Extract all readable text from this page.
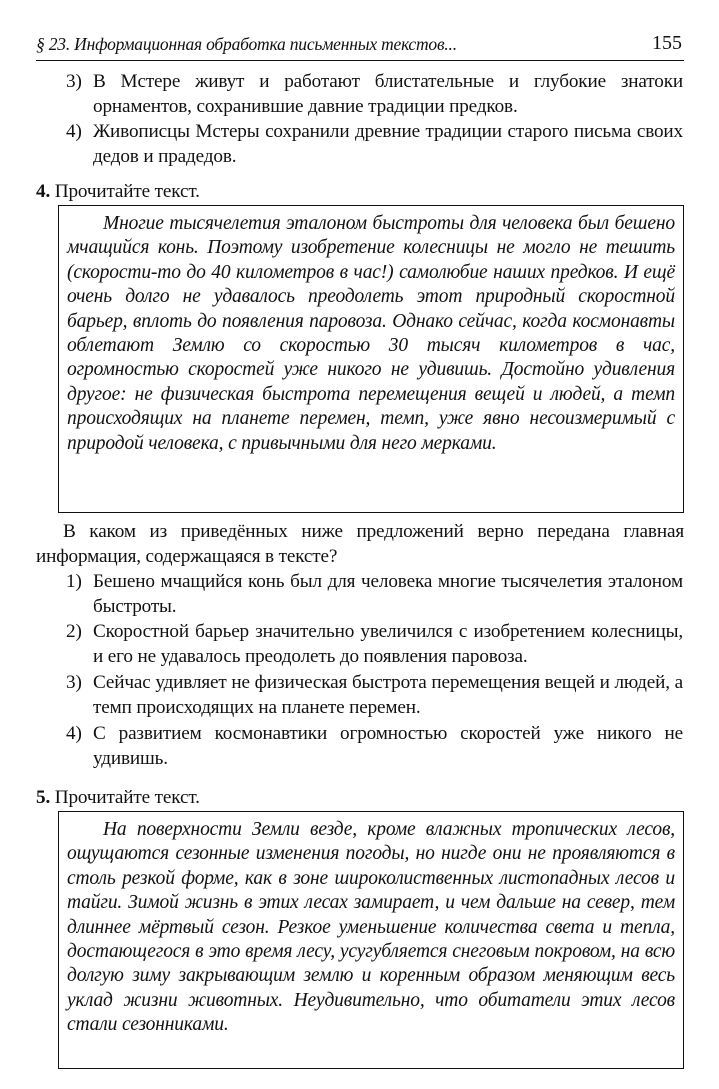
§ 23. Информационная обработка письменных текстов...	155
3) В Мстере живут и работают блистательные и глубокие знатоки орнаментов, сохранившие давние традиции предков.
4) Живописцы Мстеры сохранили древние традиции старого письма своих дедов и прадедов.
4. Прочитайте текст.
Многие тысячелетия эталоном быстроты для человека был бешено мчащийся конь. Поэтому изобретение колесницы не могло не тешить (скорости-то до 40 километров в час!) самолюбие наших предков. И ещё очень долго не удавалось преодолеть этот природный скоростной барьер, вплоть до появления паровоза. Однако сейчас, когда космонавты облетают Землю со скоростью 30 тысяч километров в час, огромностью скоростей уже никого не удивишь. Достойно удивления другое: не физическая быстрота перемещения вещей и людей, а темп происходящих на планете перемен, темп, уже явно несоизмеримый с природой человека, с привычными для него мерками.
В каком из приведённых ниже предложений верно передана главная информация, содержащаяся в тексте?
1) Бешено мчащийся конь был для человека многие тысячелетия эталоном быстроты.
2) Скоростной барьер значительно увеличился с изобретением колесницы, и его не удавалось преодолеть до появления паровоза.
3) Сейчас удивляет не физическая быстрота перемещения вещей и людей, а темп происходящих на планете перемен.
4) С развитием космонавтики огромностью скоростей уже никого не удивишь.
5. Прочитайте текст.
На поверхности Земли везде, кроме влажных тропических лесов, ощущаются сезонные изменения погоды, но нигде они не проявляются в столь резкой форме, как в зоне широколиственных листопадных лесов и тайги. Зимой жизнь в этих лесах замирает, и чем дальше на север, тем длиннее мёртвый сезон. Резкое уменьшение количества света и тепла, достающегося в это время лесу, усугубляется снеговым покровом, на всю долгую зиму закрывающим землю и коренным образом меняющим весь уклад жизни животных. Неудивительно, что обитатели этих лесов стали сезонниками.
